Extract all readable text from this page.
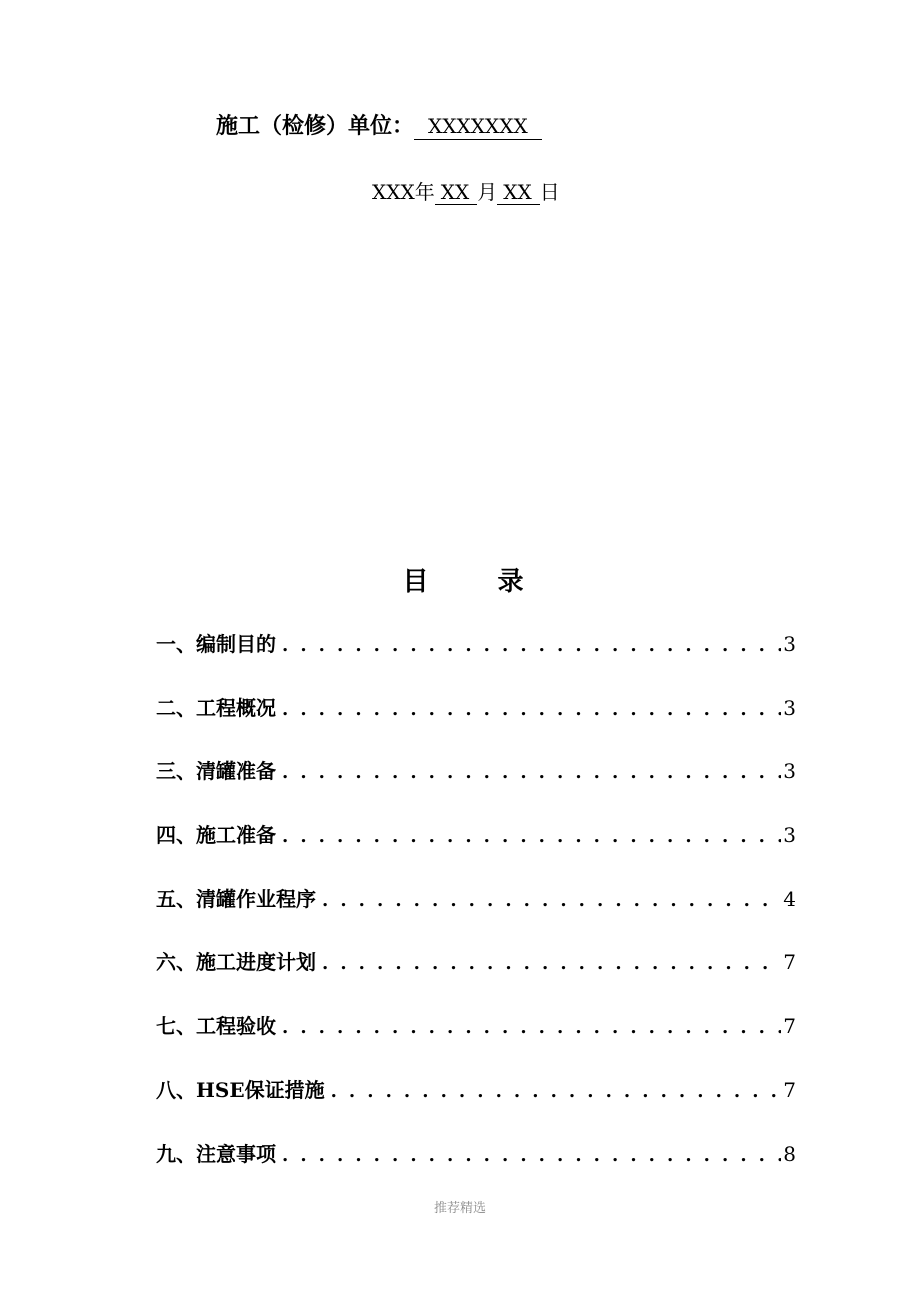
施工（检修）单位： XXXXXXX
XXX年 XX 月 XX 日
目 录
一、编制目的 . . .	3
二、工程概况 . . .	3
三、清罐准备 . . .	3
四、施工准备 . . .	3
五、清罐作业程序 . . .	4
六、施工进度计划 . . .	7
七、工程验收 . . .	7
八、HSE保证措施 . . .	7
九、注意事项 . . .	8
推荐精选
